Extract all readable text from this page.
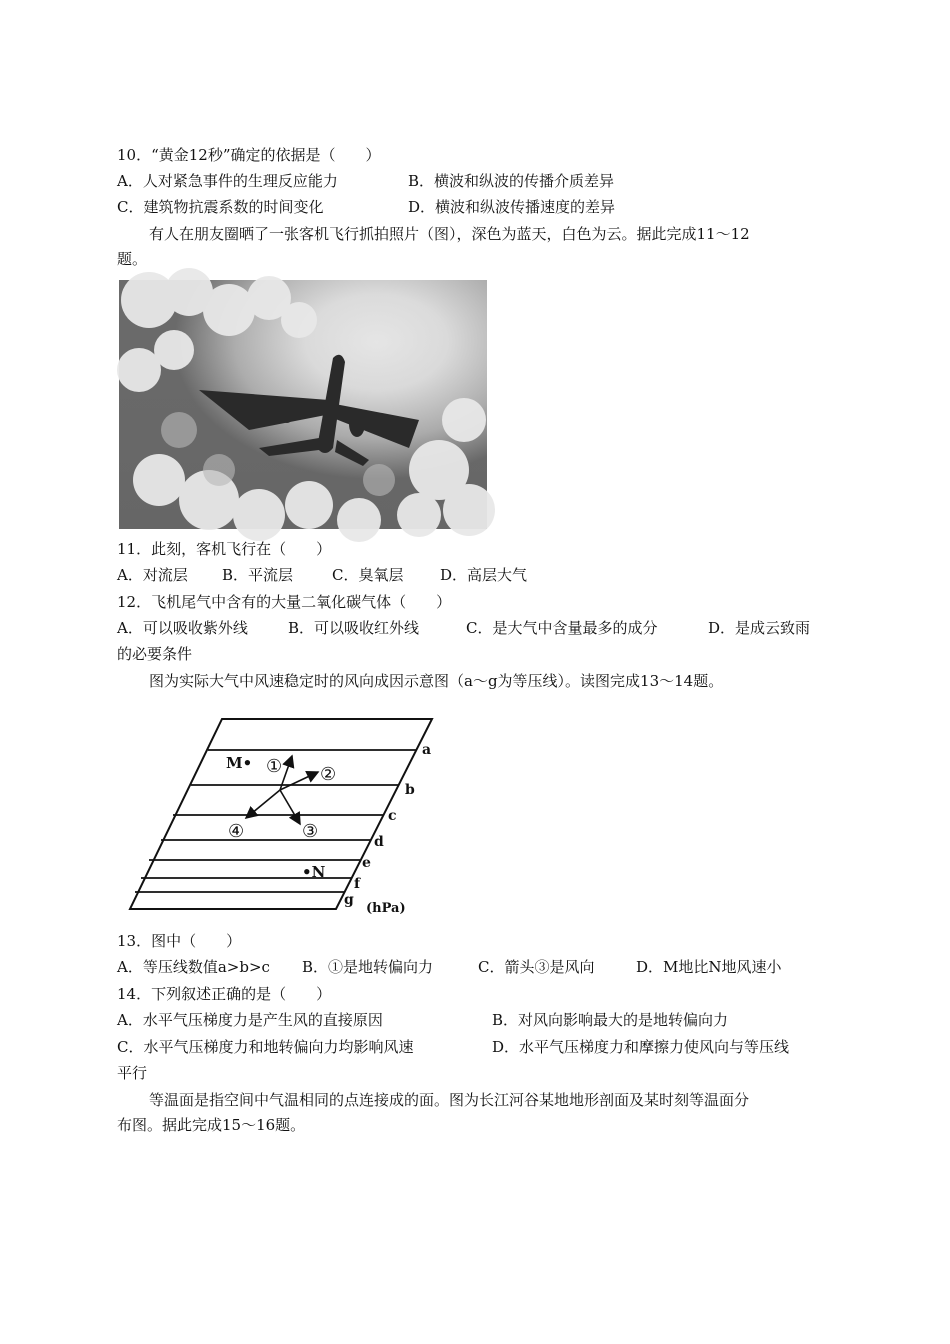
10．“黄金12秒”确定的依据是（　　）
A．人对紧急事件的生理反应能力	B．横波和纵波的传播介质差异
C．建筑物抗震系数的时间变化	D．横波和纵波传播速度的差异
有人在朋友圈晒了一张客机飞行抓拍照片（图），深色为蓝天，白色为云。据此完成11～12
题。
11．此刻，客机飞行在（　　）
A．对流层 B．平流层	C．臭氧层 D．高层大气
12．飞机尾气中含有的大量二氧化碳气体（　　）
A．可以吸收紫外线	B．可以吸收红外线	C．是大气中含量最多的成分	D．是成云致雨
的必要条件
图为实际大气中风速稳定时的风向成因示意图（a～g为等压线）。读图完成13～14题。
a
b
c
d
e
f
g
(hPa)
M•
•N
① ②
③
④
13．图中（　　）
A．等压线数值a>b>c B．①是地转偏向力	C．箭头③是风向	D．M地比N地风速小
14．下列叙述正确的是（　　）
A．水平气压梯度力是产生风的直接原因	B．对风向影响最大的是地转偏向力
C．水平气压梯度力和地转偏向力均影响风速	D．水平气压梯度力和摩擦力使风向与等压线
平行
等温面是指空间中气温相同的点连接成的面。图为长江河谷某地地形剖面及某时刻等温面分
布图。据此完成15～16题。
